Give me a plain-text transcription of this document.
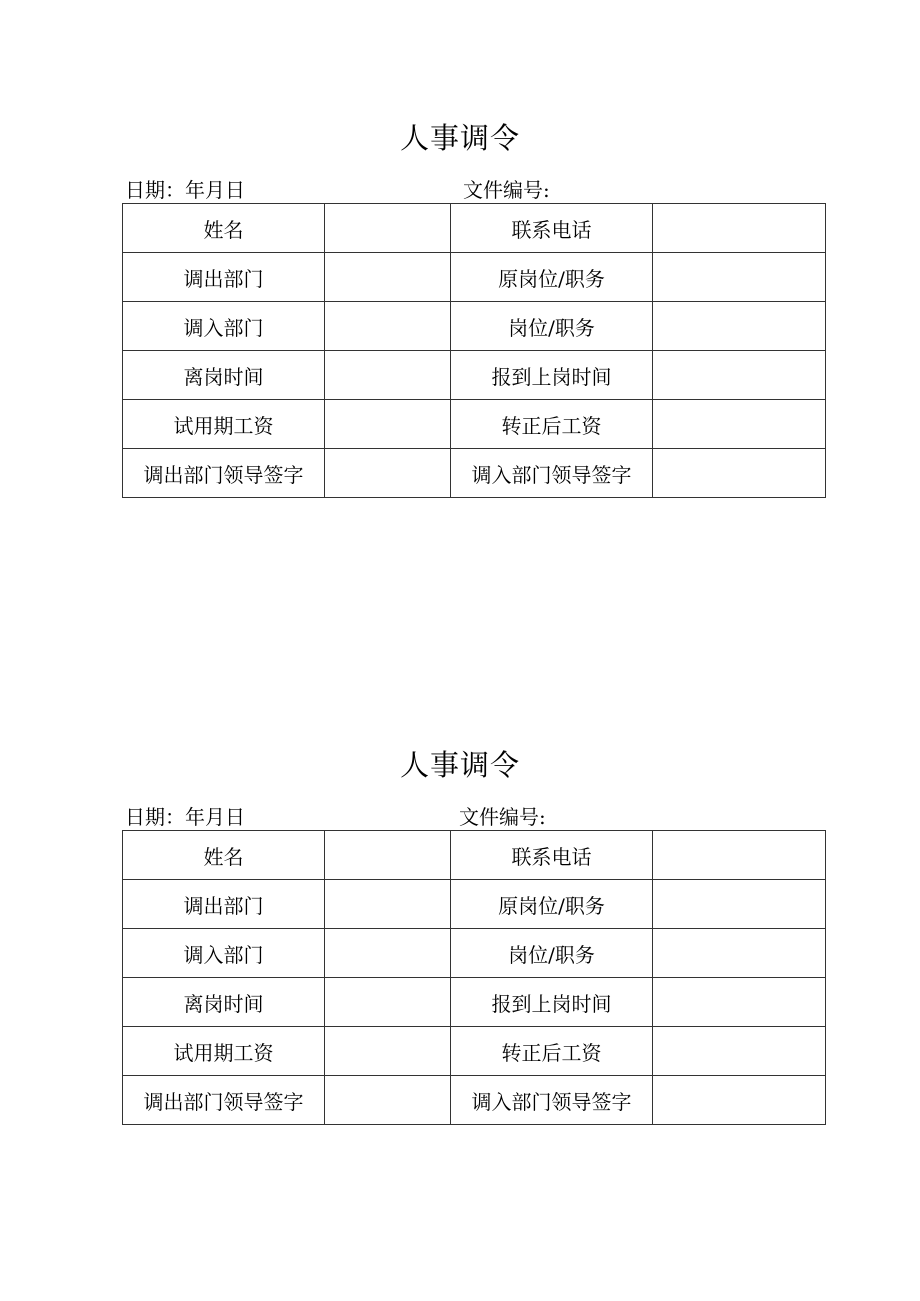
人事调令
日期：年月日	文件编号:
姓名		联系电话	
调出部门		原岗位/职务	
调入部门		岗位/职务	
离岗时间		报到上岗时间	
试用期工资		转正后工资	
调出部门领导签字		调入部门领导签字	
人事调令
日期：年月日	文件编号:
姓名		联系电话	
调出部门		原岗位/职务	
调入部门		岗位/职务	
离岗时间		报到上岗时间	
试用期工资		转正后工资	
调出部门领导签字		调入部门领导签字	
